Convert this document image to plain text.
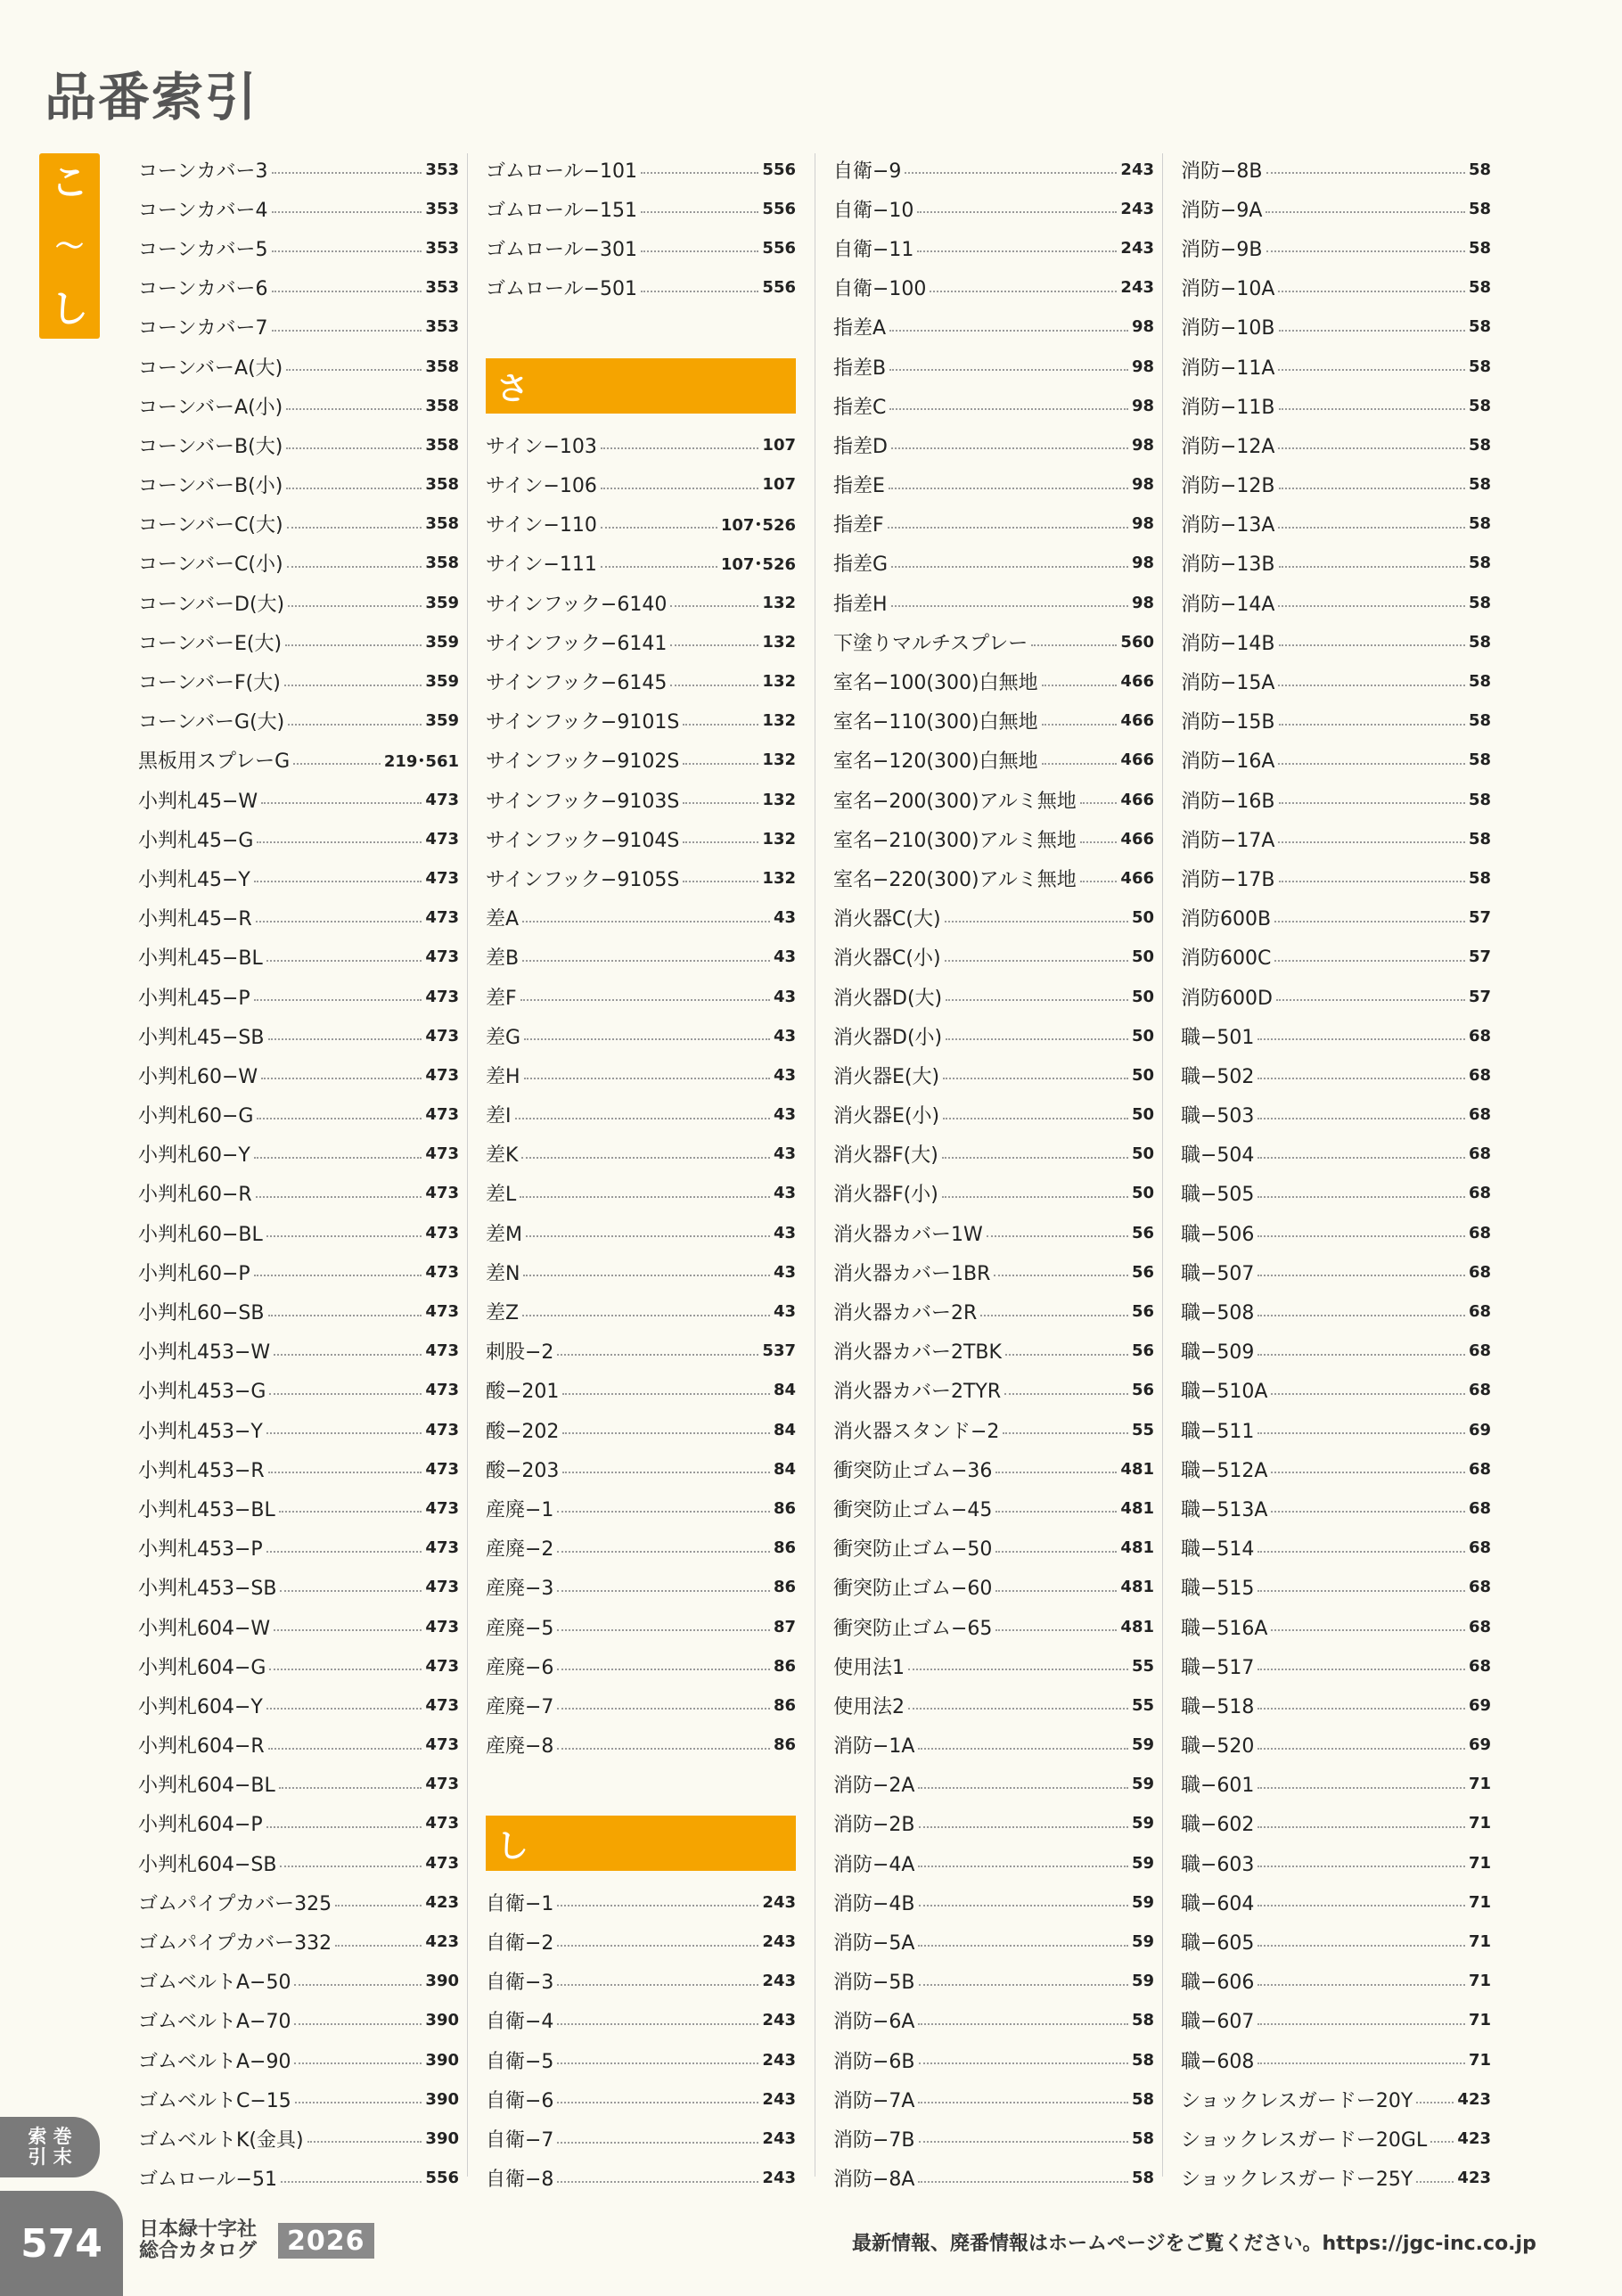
品番索引
こ
〜
し
コーンカバー3	353
コーンカバー4	353
コーンカバー5	353
コーンカバー6	353
コーンカバー7	353
コーンバーA(大)	358
コーンバーA(小)	358
コーンバーB(大)	358
コーンバーB(小)	358
コーンバーC(大)	358
コーンバーC(小)	358
コーンバーD(大)	359
コーンバーE(大)	359
コーンバーF(大)	359
コーンバーG(大)	359
黒板用スプレーG	219･561
小判札45−W	473
小判札45−G	473
小判札45−Y	473
小判札45−R	473
小判札45−BL	473
小判札45−P	473
小判札45−SB	473
小判札60−W	473
小判札60−G	473
小判札60−Y	473
小判札60−R	473
小判札60−BL	473
小判札60−P	473
小判札60−SB	473
小判札453−W	473
小判札453−G	473
小判札453−Y	473
小判札453−R	473
小判札453−BL	473
小判札453−P	473
小判札453−SB	473
小判札604−W	473
小判札604−G	473
小判札604−Y	473
小判札604−R	473
小判札604−BL	473
小判札604−P	473
小判札604−SB	473
ゴムパイプカバー325	423
ゴムパイプカバー332	423
ゴムベルトA−50	390
ゴムベルトA−70	390
ゴムベルトA−90	390
ゴムベルトC−15	390
ゴムベルトK(金具)	390
ゴムロール−51	556
ゴムロール−101	556
ゴムロール−151	556
ゴムロール−301	556
ゴムロール−501	556
さ
サイン−103	107
サイン−106	107
サイン−110	107･526
サイン−111	107･526
サインフック−6140	132
サインフック−6141	132
サインフック−6145	132
サインフック−9101S	132
サインフック−9102S	132
サインフック−9103S	132
サインフック−9104S	132
サインフック−9105S	132
差A	43
差B	43
差F	43
差G	43
差H	43
差I	43
差K	43
差L	43
差M	43
差N	43
差Z	43
刺股−2	537
酸−201	84
酸−202	84
酸−203	84
産廃−1	86
産廃−2	86
産廃−3	86
産廃−5	87
産廃−6	86
産廃−7	86
産廃−8	86
し
自衛−1	243
自衛−2	243
自衛−3	243
自衛−4	243
自衛−5	243
自衛−6	243
自衛−7	243
自衛−8	243
自衛−9	243
自衛−10	243
自衛−11	243
自衛−100	243
指差A	98
指差B	98
指差C	98
指差D	98
指差E	98
指差F	98
指差G	98
指差H	98
下塗りマルチスプレー	560
室名−100(300)白無地	466
室名−110(300)白無地	466
室名−120(300)白無地	466
室名−200(300)アルミ無地	466
室名−210(300)アルミ無地	466
室名−220(300)アルミ無地	466
消火器C(大)	50
消火器C(小)	50
消火器D(大)	50
消火器D(小)	50
消火器E(大)	50
消火器E(小)	50
消火器F(大)	50
消火器F(小)	50
消火器カバー1W	56
消火器カバー1BR	56
消火器カバー2R	56
消火器カバー2TBK	56
消火器カバー2TYR	56
消火器スタンド−2	55
衝突防止ゴム−36	481
衝突防止ゴム−45	481
衝突防止ゴム−50	481
衝突防止ゴム−60	481
衝突防止ゴム−65	481
使用法1	55
使用法2	55
消防−1A	59
消防−2A	59
消防−2B	59
消防−4A	59
消防−4B	59
消防−5A	59
消防−5B	59
消防−6A	58
消防−6B	58
消防−7A	58
消防−7B	58
消防−8A	58
消防−8B	58
消防−9A	58
消防−9B	58
消防−10A	58
消防−10B	58
消防−11A	58
消防−11B	58
消防−12A	58
消防−12B	58
消防−13A	58
消防−13B	58
消防−14A	58
消防−14B	58
消防−15A	58
消防−15B	58
消防−16A	58
消防−16B	58
消防−17A	58
消防−17B	58
消防600B	57
消防600C	57
消防600D	57
職−501	68
職−502	68
職−503	68
職−504	68
職−505	68
職−506	68
職−507	68
職−508	68
職−509	68
職−510A	68
職−511	69
職−512A	68
職−513A	68
職−514	68
職−515	68
職−516A	68
職−517	68
職−518	69
職−520	69
職−601	71
職−602	71
職−603	71
職−604	71
職−605	71
職−606	71
職−607	71
職−608	71
ショックレスガードー20Y	423
ショックレスガードー20GL 423
ショックレスガードー25Y	423
索 巻
引 末
574	日本緑十字社
総合カタログ	2026	最新情報、廃番情報はホームページをご覧ください。https://jgc-inc.co.jp
